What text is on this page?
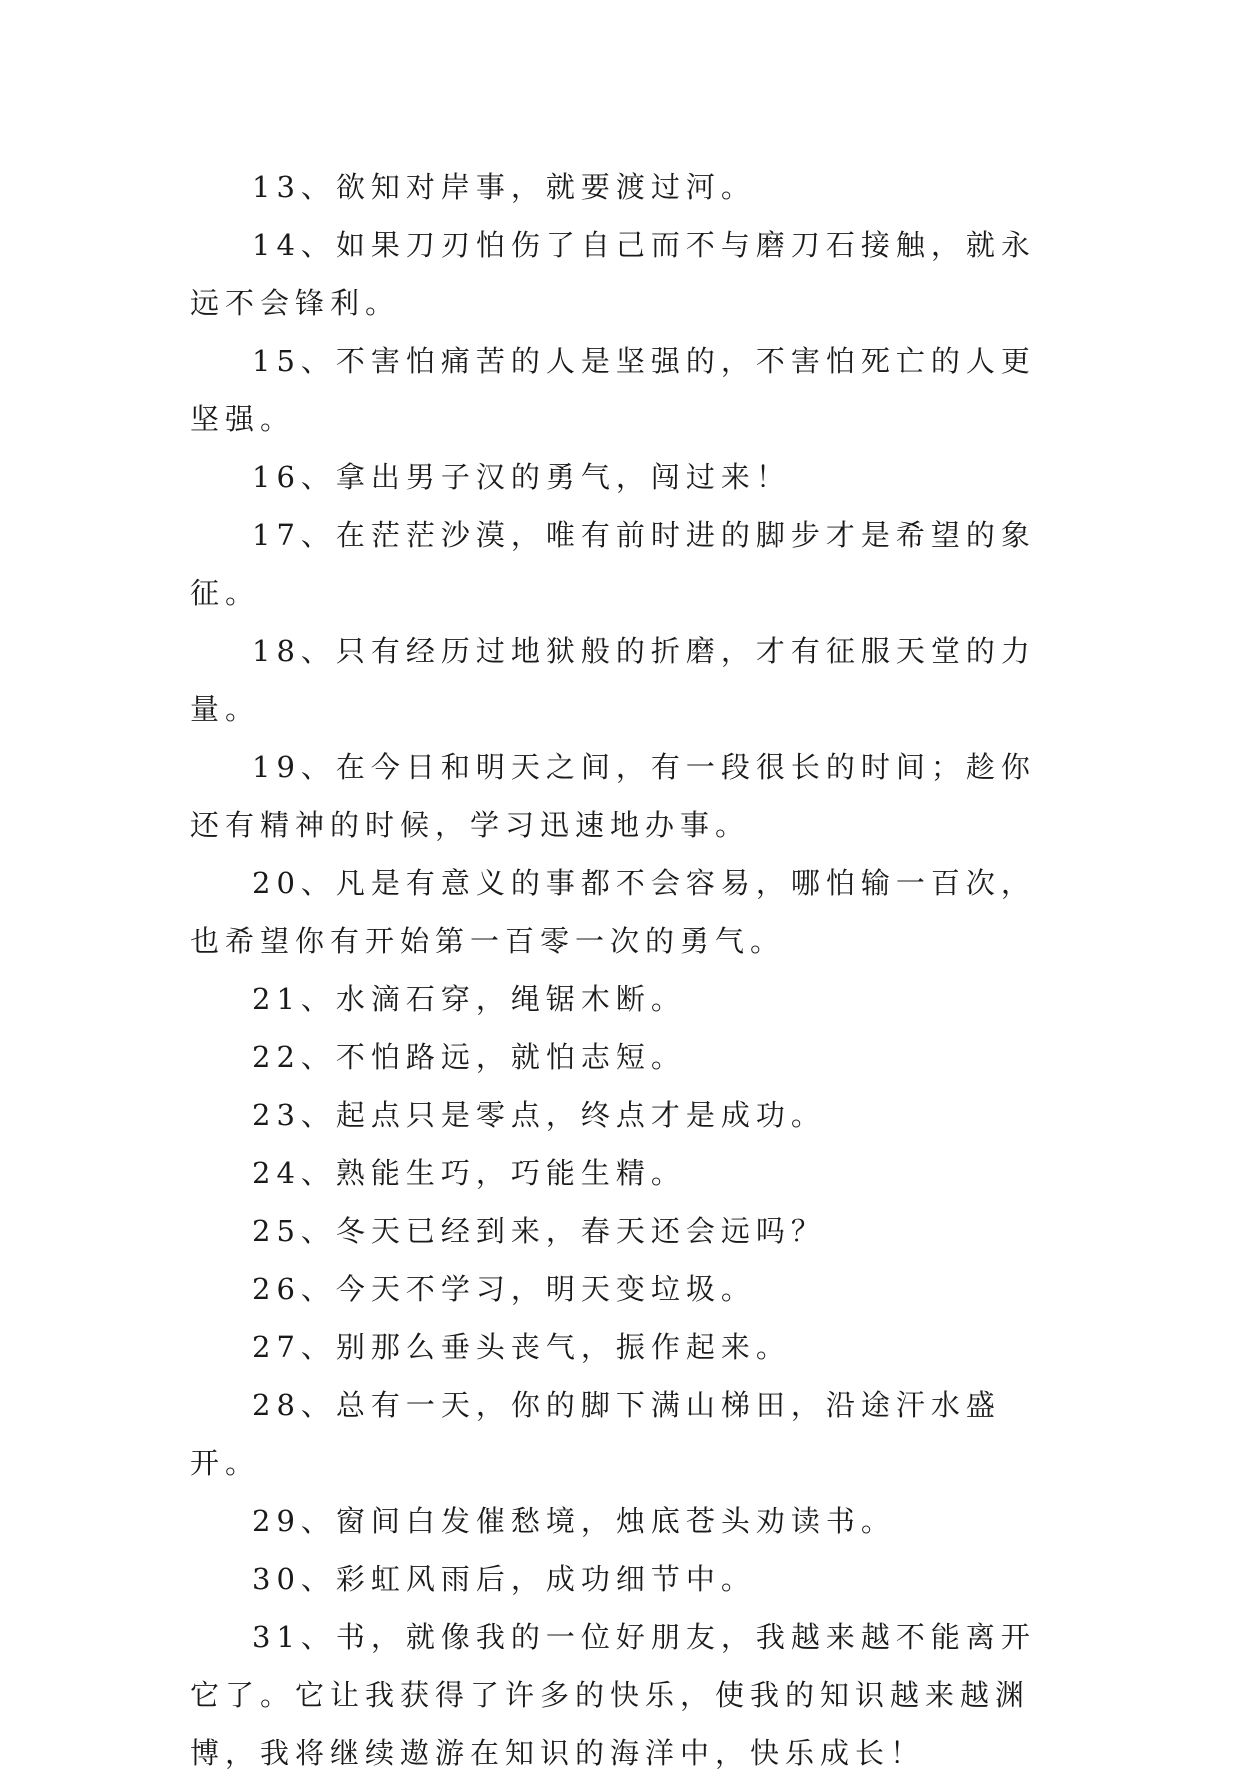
13、欲知对岸事，就要渡过河。

14、如果刀刃怕伤了自己而不与磨刀石接触，就永远不会锋利。

15、不害怕痛苦的人是坚强的，不害怕死亡的人更坚强。

16、拿出男子汉的勇气，闯过来！

17、在茫茫沙漠，唯有前时进的脚步才是希望的象征。

18、只有经历过地狱般的折磨，才有征服天堂的力量。

19、在今日和明天之间，有一段很长的时间；趁你还有精神的时候，学习迅速地办事。

20、凡是有意义的事都不会容易，哪怕输一百次，也希望你有开始第一百零一次的勇气。

21、水滴石穿，绳锯木断。

22、不怕路远，就怕志短。

23、起点只是零点，终点才是成功。

24、熟能生巧，巧能生精。

25、冬天已经到来，春天还会远吗？

26、今天不学习，明天变垃圾。

27、别那么垂头丧气，振作起来。

28、总有一天，你的脚下满山梯田，沿途汗水盛开。

29、窗间白发催愁境，烛底苍头劝读书。

30、彩虹风雨后，成功细节中。

31、书，就像我的一位好朋友，我越来越不能离开它了。它让我获得了许多的快乐，使我的知识越来越渊博，我将继续遨游在知识的海洋中，快乐成长！
